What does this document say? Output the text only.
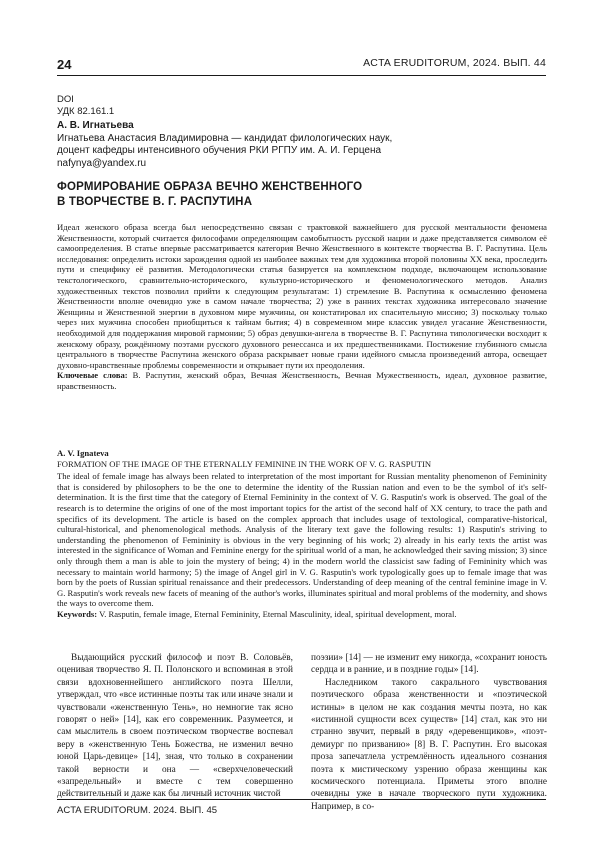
24	ACTA ERUDITORUM, 2024. ВЫП. 44
DOI
УДК 82.161.1
А. В. Игнатьева
Игнатьева Анастасия Владимировна — кандидат филологических наук,
доцент кафедры интенсивного обучения РКИ РГПУ им. А. И. Герцена
nafynya@yandex.ru
ФОРМИРОВАНИЕ ОБРАЗА ВЕЧНО ЖЕНСТВЕННОГО
В ТВОРЧЕСТВЕ В. Г. РАСПУТИНА
Идеал женского образа всегда был непосредственно связан с трактовкой важнейшего для русской ментальности феномена Женственности, который считается философами определяющим самобытность русской нации и даже представляется символом её самоопределения. В статье впервые рассматривается категория Вечно Женственного в контексте творчества В. Г. Распутина. Цель исследования: определить истоки зарождения одной из наиболее важных тем для художника второй половины XX века, проследить пути и специфику её развития. Методологически статья базируется на комплексном подходе, включающем использование текстологического, сравнительно-исторического, культурно-исторического и феноменологического методов. Анализ художественных текстов позволил прийти к следующим результатам: 1) стремление В. Распутина к осмыслению феномена Женственности вполне очевидно уже в самом начале творчества; 2) уже в ранних текстах художника интересовало значение Женщины и Женственной энергии в духовном мире мужчины, он констатировал их спасительную миссию; 3) поскольку только через них мужчина способен приобщиться к тайнам бытия; 4) в современном мире классик увидел угасание Женственности, необходимой для поддержания мировой гармонии; 5) образ девушки-ангела в творчестве В. Г. Распутина типологически восходит к женскому образу, рождённому поэтами русского духовного ренессанса и их предшественниками. Постижение глубинного смысла центрального в творчестве Распутина женского образа раскрывает новые грани идейного смысла произведений автора, освещает духовно-нравственные проблемы современности и открывает пути их преодоления.
Ключевые слова: В. Распутин, женский образ, Вечная Женственность, Вечная Мужественность, идеал, духовное развитие, нравственность.
A. V. Ignateva
FORMATION OF THE IMAGE OF THE ETERNALLY FEMININE IN THE WORK OF V. G. RASPUTIN
The ideal of female image has always been related to interpretation of the most important for Russian mentality phenomenon of Femininity that is considered by philosophers to be the one to determine the identity of the Russian nation and even to be the symbol of it's self-determination. It is the first time that the category of Eternal Femininity in the context of V. G. Rasputin's work is observed. The goal of the research is to determine the origins of one of the most important topics for the artist of the second half of XX century, to trace the path and specifics of its development. The article is based on the complex approach that includes usage of textological, comparative-historical, cultural-historical, and phenomenological methods. Analysis of the literary text gave the following results: 1) Rasputin's striving to understanding the phenomenon of Femininity is obvious in the very beginning of his work; 2) already in his early texts the artist was interested in the significance of Woman and Feminine energy for the spiritual world of a man, he acknowledged their saving mission; 3) since only through them a man is able to join the mystery of being; 4) in the modern world the classicist saw fading of Femininity which was necessary to maintain world harmony; 5) the image of Angel girl in V. G. Rasputin's work typologically goes up to female image that was born by the poets of Russian spiritual renaissance and their predecessors. Understanding of deep meaning of the central feminine image in V. G. Rasputin's work reveals new facets of meaning of the author's works, illuminates spiritual and moral problems of the modernity, and shows the ways to overcome them.
Keywords: V. Rasputin, female image, Eternal Femininity, Eternal Masculinity, ideal, spiritual development, moral.

Выдающийся русский философ и поэт В. Соловьёв, оценивая творчество Я. П. Полонского и вспоминая в этой связи вдохновеннейшего английского поэта Шелли, утверждал, что «все истинные поэты так или иначе знали и чувствовали «женственную Тень», но немногие так ясно говорят о ней» [14], как его современник. Разумеется, и сам мыслитель в своем поэтическом творчестве воспевал веру в «женственную Тень Божества, не изменил вечно юной Царь-девице» [14], зная, что только в сохранении такой верности и она — «сверхчеловеческий «запредельный» и вместе с тем совершенно действительный и даже как бы личный источник чистой

поэзии» [14] — не изменит ему никогда, «сохранит юность сердца и в ранние, и в поздние годы» [14].

Наследником такого сакрального чувствования поэтического образа женственности и «поэтической истины» в целом не как создания мечты поэта, но как «истинной сущности всех существ» [14] стал, как это ни странно звучит, первый в ряду «деревенщиков», «поэт-демиург по призванию» [8] В. Г. Распутин. Его высокая проза запечатлела устремлённость идеального сознания поэта к мистическому узрению образа женщины как космического потенциала. Приметы этого вполне очевидны уже в начале творческого пути художника. Например, в со-

ACTA ERUDITORUM. 2024. ВЫП. 45
